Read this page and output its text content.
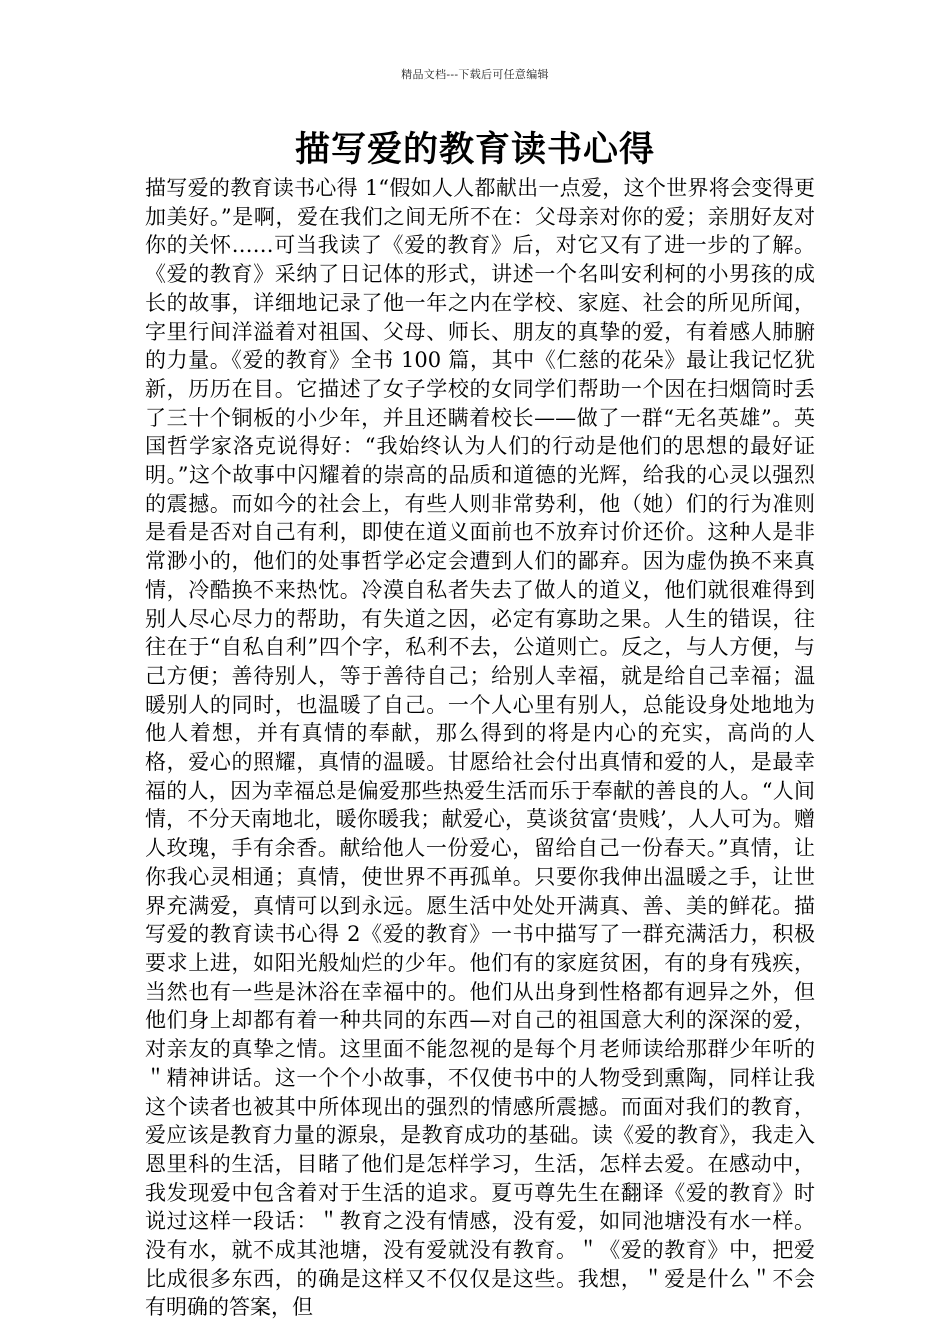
精品文档---下载后可任意编辑
描写爱的教育读书心得

描写爱的教育读书心得 1“假如人人都献出一点爱，这个世界将会变得更加美好。”是啊，爱在我们之间无所不在：父母亲对你的爱；亲朋好友对你的关怀……可当我读了《爱的教育》后，对它又有了进一步的了解。《爱的教育》采纳了日记体的形式，讲述一个名叫安利柯的小男孩的成长的故事，详细地记录了他一年之内在学校、家庭、社会的所见所闻，字里行间洋溢着对祖国、父母、师长、朋友的真挚的爱，有着感人肺腑的力量。《爱的教育》全书 100 篇，其中《仁慈的花朵》最让我记忆犹新，历历在目。它描述了女子学校的女同学们帮助一个因在扫烟筒时丢了三十个铜板的小少年，并且还瞒着校长——做了一群“无名英雄”。英国哲学家洛克说得好：“我始终认为人们的行动是他们的思想的最好证明。”这个故事中闪耀着的崇高的品质和道德的光辉，给我的心灵以强烈的震撼。而如今的社会上，有些人则非常势利，他（她）们的行为准则是看是否对自己有利，即使在道义面前也不放弃讨价还价。这种人是非常渺小的，他们的处事哲学必定会遭到人们的鄙弃。因为虚伪换不来真情，冷酷换不来热忱。冷漠自私者失去了做人的道义，他们就很难得到别人尽心尽力的帮助，有失道之因，必定有寡助之果。人生的错误，往往在于“自私自利”四个字，私利不去，公道则亡。反之，与人方便，与己方便；善待别人，等于善待自己；给别人幸福，就是给自己幸福；温暖别人的同时，也温暖了自己。一个人心里有别人，总能设身处地地为他人着想，并有真情的奉献，那么得到的将是内心的充实，高尚的人格，爱心的照耀，真情的温暖。甘愿给社会付出真情和爱的人，是最幸福的人，因为幸福总是偏爱那些热爱生活而乐于奉献的善良的人。“人间情，不分天南地北，暖你暖我；献爱心，莫谈贫富‘贵贱’，人人可为。赠人玫瑰，手有余香。献给他人一份爱心，留给自己一份春天。”真情，让你我心灵相通；真情，使世界不再孤单。只要你我伸出温暖之手，让世界充满爱，真情可以到永远。愿生活中处处开满真、善、美的鲜花。描写爱的教育读书心得 2《爱的教育》一书中描写了一群充满活力，积极要求上进，如阳光般灿烂的少年。他们有的家庭贫困，有的身有残疾，当然也有一些是沐浴在幸福中的。他们从出身到性格都有迥异之外，但他们身上却都有着一种共同的东西—对自己的祖国意大利的深深的爱，对亲友的真挚之情。这里面不能忽视的是每个月老师读给那群少年听的＂精神讲话。这一个个小故事，不仅使书中的人物受到熏陶，同样让我这个读者也被其中所体现出的强烈的情感所震撼。而面对我们的教育，爱应该是教育力量的源泉，是教育成功的基础。读《爱的教育》，我走入恩里科的生活，目睹了他们是怎样学习，生活，怎样去爱。在感动中，我发现爱中包含着对于生活的追求。夏丏尊先生在翻译《爱的教育》时说过这样一段话：＂教育之没有情感，没有爱，如同池塘没有水一样。没有水，就不成其池塘，没有爱就没有教育。＂《爱的教育》中，把爱比成很多东西，的确是这样又不仅仅是这些。我想，＂爱是什么＂不会有明确的答案，但
